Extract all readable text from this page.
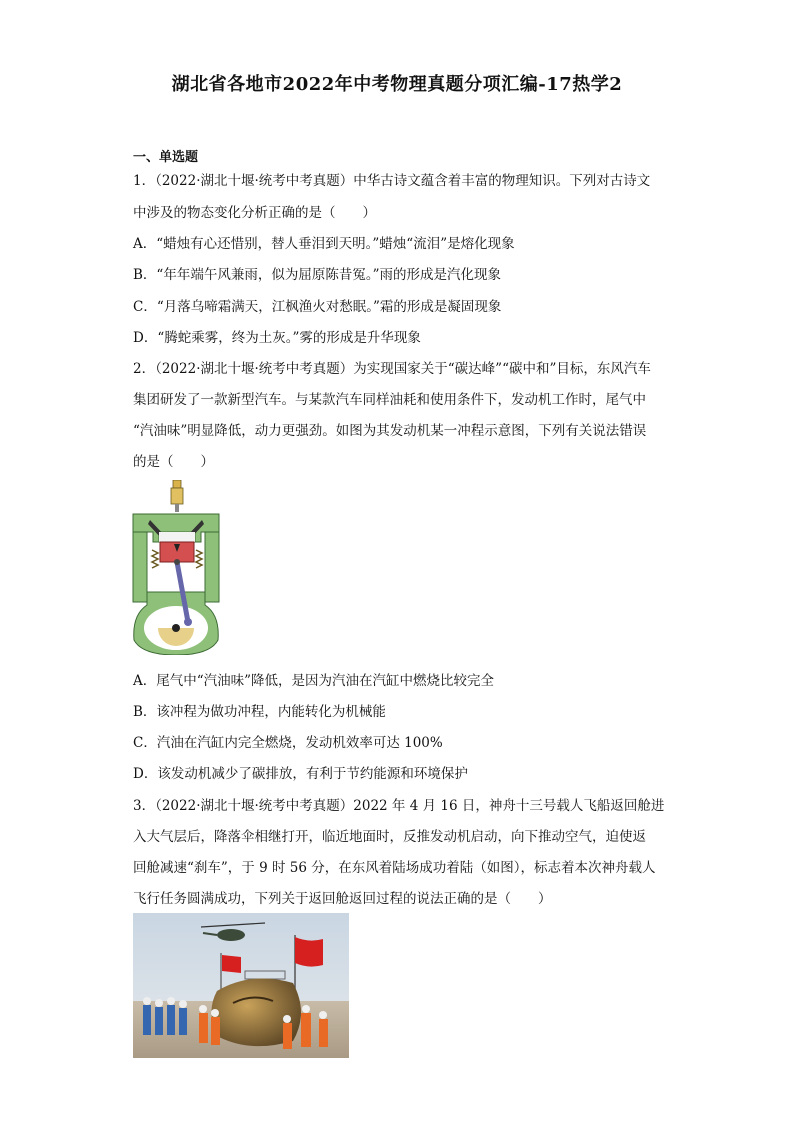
湖北省各地市2022年中考物理真题分项汇编-17热学2
一、单选题
1．（2022·湖北十堰·统考中考真题）中华古诗文蕴含着丰富的物理知识。下列对古诗文
中涉及的物态变化分析正确的是（　　）
A．“蜡烛有心还惜别，替人垂泪到天明。”蜡烛“流泪”是熔化现象
B．“年年端午风兼雨，似为屈原陈昔冤。”雨的形成是汽化现象
C．“月落乌啼霜满天，江枫渔火对愁眠。”霜的形成是凝固现象
D．“腾蛇乘雾，终为土灰。”雾的形成是升华现象
2．（2022·湖北十堰·统考中考真题）为实现国家关于“碳达峰”“碳中和”目标，东风汽车
集团研发了一款新型汽车。与某款汽车同样油耗和使用条件下，发动机工作时，尾气中
“汽油味”明显降低，动力更强劲。如图为其发动机某一冲程示意图，下列有关说法错误
的是（　　）
A．尾气中“汽油味”降低，是因为汽油在汽缸中燃烧比较完全
B．该冲程为做功冲程，内能转化为机械能
C．汽油在汽缸内完全燃烧，发动机效率可达 100%
D．该发动机减少了碳排放，有利于节约能源和环境保护
3．（2022·湖北十堰·统考中考真题）2022 年 4 月 16 日，神舟十三号载人飞船返回舱进
入大气层后，降落伞相继打开，临近地面时，反推发动机启动，向下推动空气，迫使返
回舱减速“刹车”，于 9 时 56 分，在东风着陆场成功着陆（如图），标志着本次神舟载人
飞行任务圆满成功，下列关于返回舱返回过程的说法正确的是（　　）
